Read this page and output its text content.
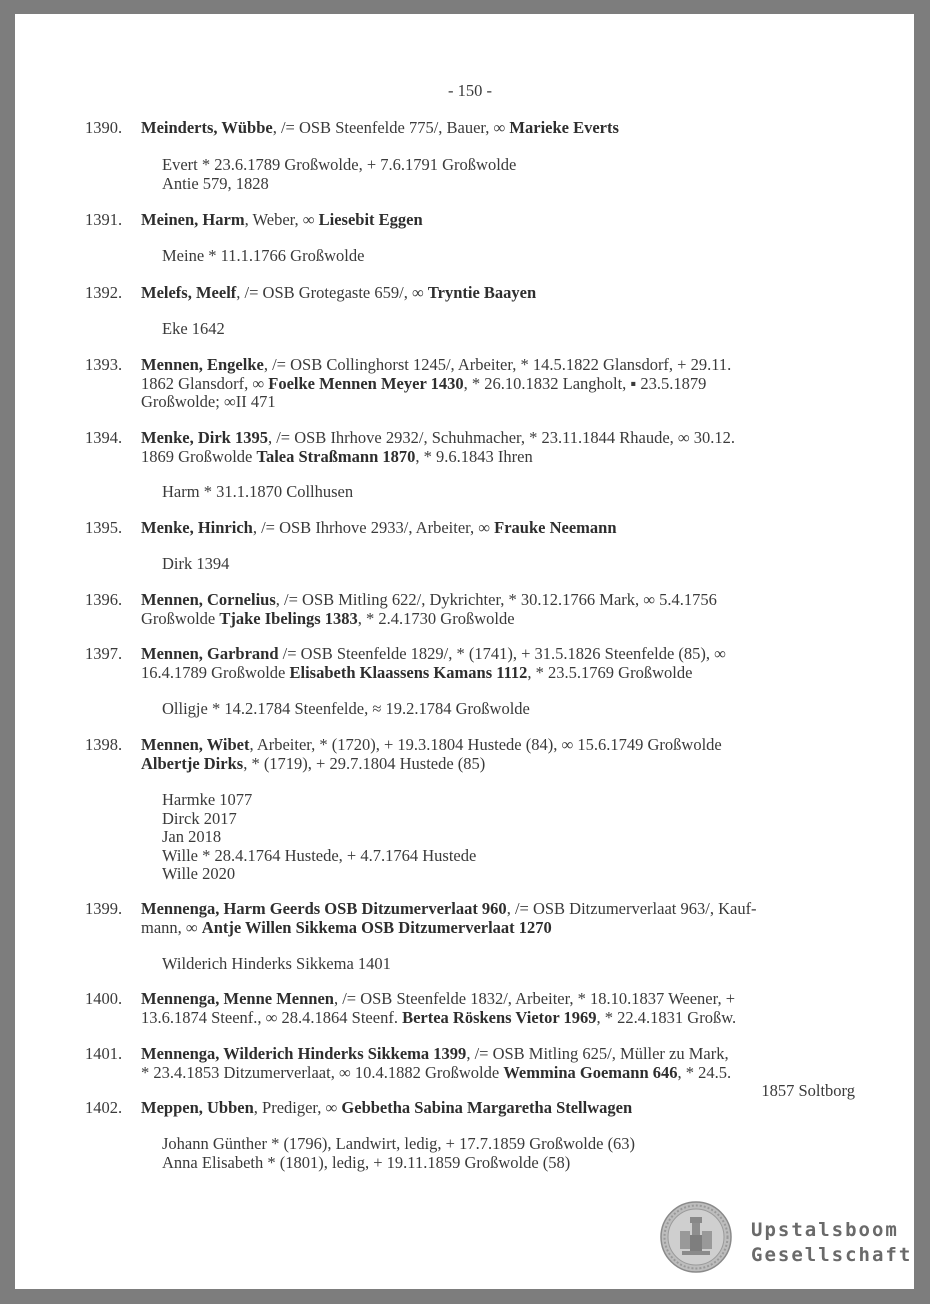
- 150 -
1390.	Meinderts, Wübbe, /= OSB Steenfelde 775/, Bauer, ∞ Marieke Everts
Evert * 23.6.1789 Großwolde, + 7.6.1791 Großwolde
Antie 579, 1828
1391.	Meinen, Harm, Weber, ∞ Liesebit Eggen
Meine * 11.1.1766 Großwolde
1392.	Melefs, Meelf, /= OSB Grotegaste 659/, ∞ Tryntie Baayen
Eke 1642
1393.	Mennen, Engelke, /= OSB Collinghorst 1245/, Arbeiter, * 14.5.1822 Glansdorf, + 29.11.
1862 Glansdorf, ∞ Foelke Mennen Meyer 1430, * 26.10.1832 Langholt, ▪ 23.5.1879
Großwolde; ∞II 471
1394.	Menke, Dirk 1395, /= OSB Ihrhove 2932/, Schuhmacher, * 23.11.1844 Rhaude, ∞ 30.12.
1869 Großwolde Talea Straßmann 1870, * 9.6.1843 Ihren
Harm * 31.1.1870 Collhusen
1395.	Menke, Hinrich, /= OSB Ihrhove 2933/, Arbeiter, ∞ Frauke Neemann
Dirk 1394
1396.	Mennen, Cornelius, /= OSB Mitling 622/, Dykrichter, * 30.12.1766 Mark, ∞ 5.4.1756
Großwolde Tjake Ibelings 1383, * 2.4.1730 Großwolde
1397.	Mennen, Garbrand /= OSB Steenfelde 1829/, * (1741), + 31.5.1826 Steenfelde (85), ∞
16.4.1789 Großwolde Elisabeth Klaassens Kamans 1112, * 23.5.1769 Großwolde
Olligje * 14.2.1784 Steenfelde, ≈ 19.2.1784 Großwolde
1398.	Mennen, Wibet, Arbeiter, * (1720), + 19.3.1804 Hustede (84), ∞ 15.6.1749 Großwolde
Albertje Dirks, * (1719), + 29.7.1804 Hustede (85)
Harmke 1077
Dirck 2017
Jan 2018
Wille * 28.4.1764 Hustede, + 4.7.1764 Hustede
Wille 2020
1399.	Mennenga, Harm Geerds OSB Ditzumerverlaat 960, /= OSB Ditzumerverlaat 963/, Kauf-
mann, ∞ Antje Willen Sikkema OSB Ditzumerverlaat 1270
Wilderich Hinderks Sikkema 1401
1400.	Mennenga, Menne Mennen, /= OSB Steenfelde 1832/, Arbeiter, * 18.10.1837 Weener, +
13.6.1874 Steenf., ∞ 28.4.1864 Steenf. Bertea Röskens Vietor 1969, * 22.4.1831 Großw.
1401.	Mennenga, Wilderich Hinderks Sikkema 1399, /= OSB Mitling 625/, Müller zu Mark,
* 23.4.1853 Ditzumerverlaat, ∞ 10.4.1882 Großwolde Wemmina Goemann 646, * 24.5.
1857 Soltborg
1402.	Meppen, Ubben, Prediger, ∞ Gebbetha Sabina Margaretha Stellwagen
Johann Günther * (1796), Landwirt, ledig, + 17.7.1859 Großwolde (63)
Anna Elisabeth * (1801), ledig, + 19.11.1859 Großwolde (58)
Upstalsboom
Gesellschaft
